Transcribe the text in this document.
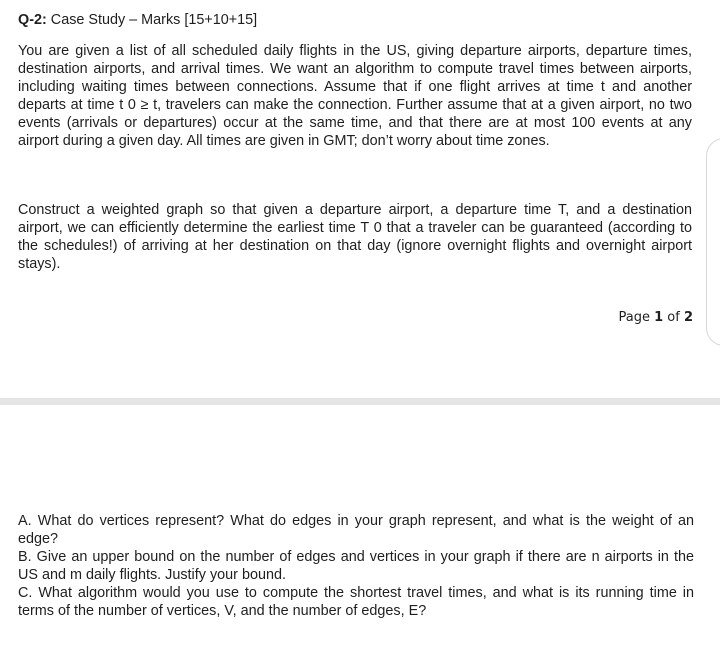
Q-2: Case Study – Marks [15+10+15]

You are given a list of all scheduled daily flights in the US, giving departure airports, departure times, destination airports, and arrival times. We want an algorithm to compute travel times between airports, including waiting times between connections. Assume that if one flight arrives at time t and another departs at time t 0 ≥ t, travelers can make the connection. Further assume that at a given airport, no two events (arrivals or departures) occur at the same time, and that there are at most 100 events at any airport during a given day. All times are given in GMT; don’t worry about time zones.

Construct a weighted graph so that given a departure airport, a departure time T, and a destination airport, we can efficiently determine the earliest time T 0 that a traveler can be guaranteed (according to the schedules!) of arriving at her destination on that day (ignore overnight flights and overnight airport stays).

Page 1 of 2

A. What do vertices represent? What do edges in your graph represent, and what is the weight of an edge?

B. Give an upper bound on the number of edges and vertices in your graph if there are n airports in the US and m daily flights. Justify your bound.

C. What algorithm would you use to compute the shortest travel times, and what is its running time in terms of the number of vertices, V, and the number of edges, E?
